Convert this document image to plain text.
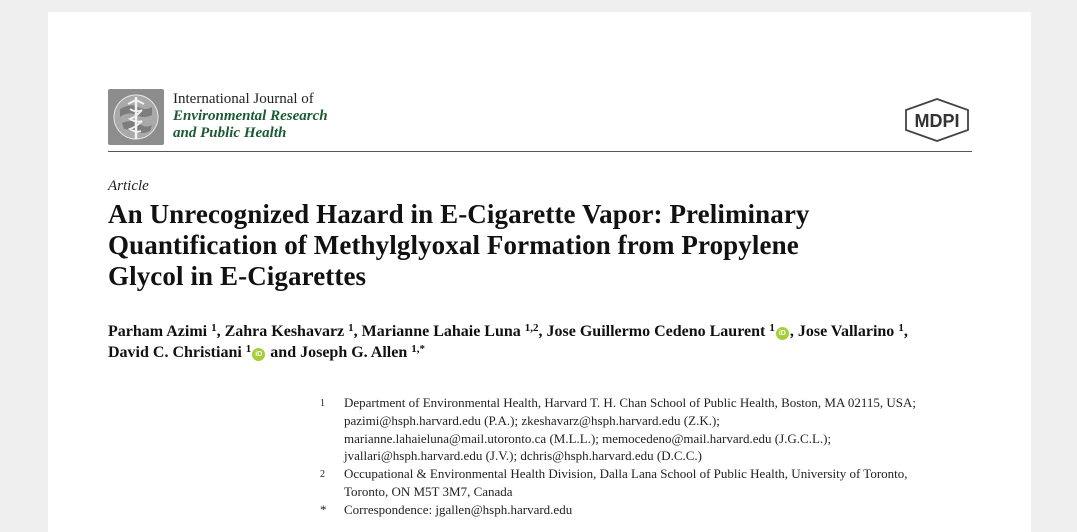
International Journal of
Environmental Research
and Public Health
MDPI
Article
An Unrecognized Hazard in E-Cigarette Vapor: Preliminary
Quantification of Methylglyoxal Formation from Propylene
Glycol in E-Cigarettes
Parham Azimi $^1$, Zahra Keshavarz $^1$, Marianne Lahaie Luna $^{1,2}$, Jose Guillermo Cedeno Laurent $^1$ iD , Jose Vallarino $^1$,
David C. Christiani $^1$ iD and Joseph G. Allen $^{1,*}$
1	Department of Environmental Health, Harvard T. H. Chan School of Public Health, Boston, MA 02115, USA;
pazimi@hsph.harvard.edu (P.A.); zkeshavarz@hsph.harvard.edu (Z.K.);
marianne.lahaieluna@mail.utoronto.ca (M.L.L.); memocedeno@mail.harvard.edu (J.G.C.L.);
jvallari@hsph.harvard.edu (J.V.); dchris@hsph.harvard.edu (D.C.C.)
2	Occupational & Environmental Health Division, Dalla Lana School of Public Health, University of Toronto,
Toronto, ON M5T 3M7, Canada
*	Correspondence: jgallen@hsph.harvard.edu
